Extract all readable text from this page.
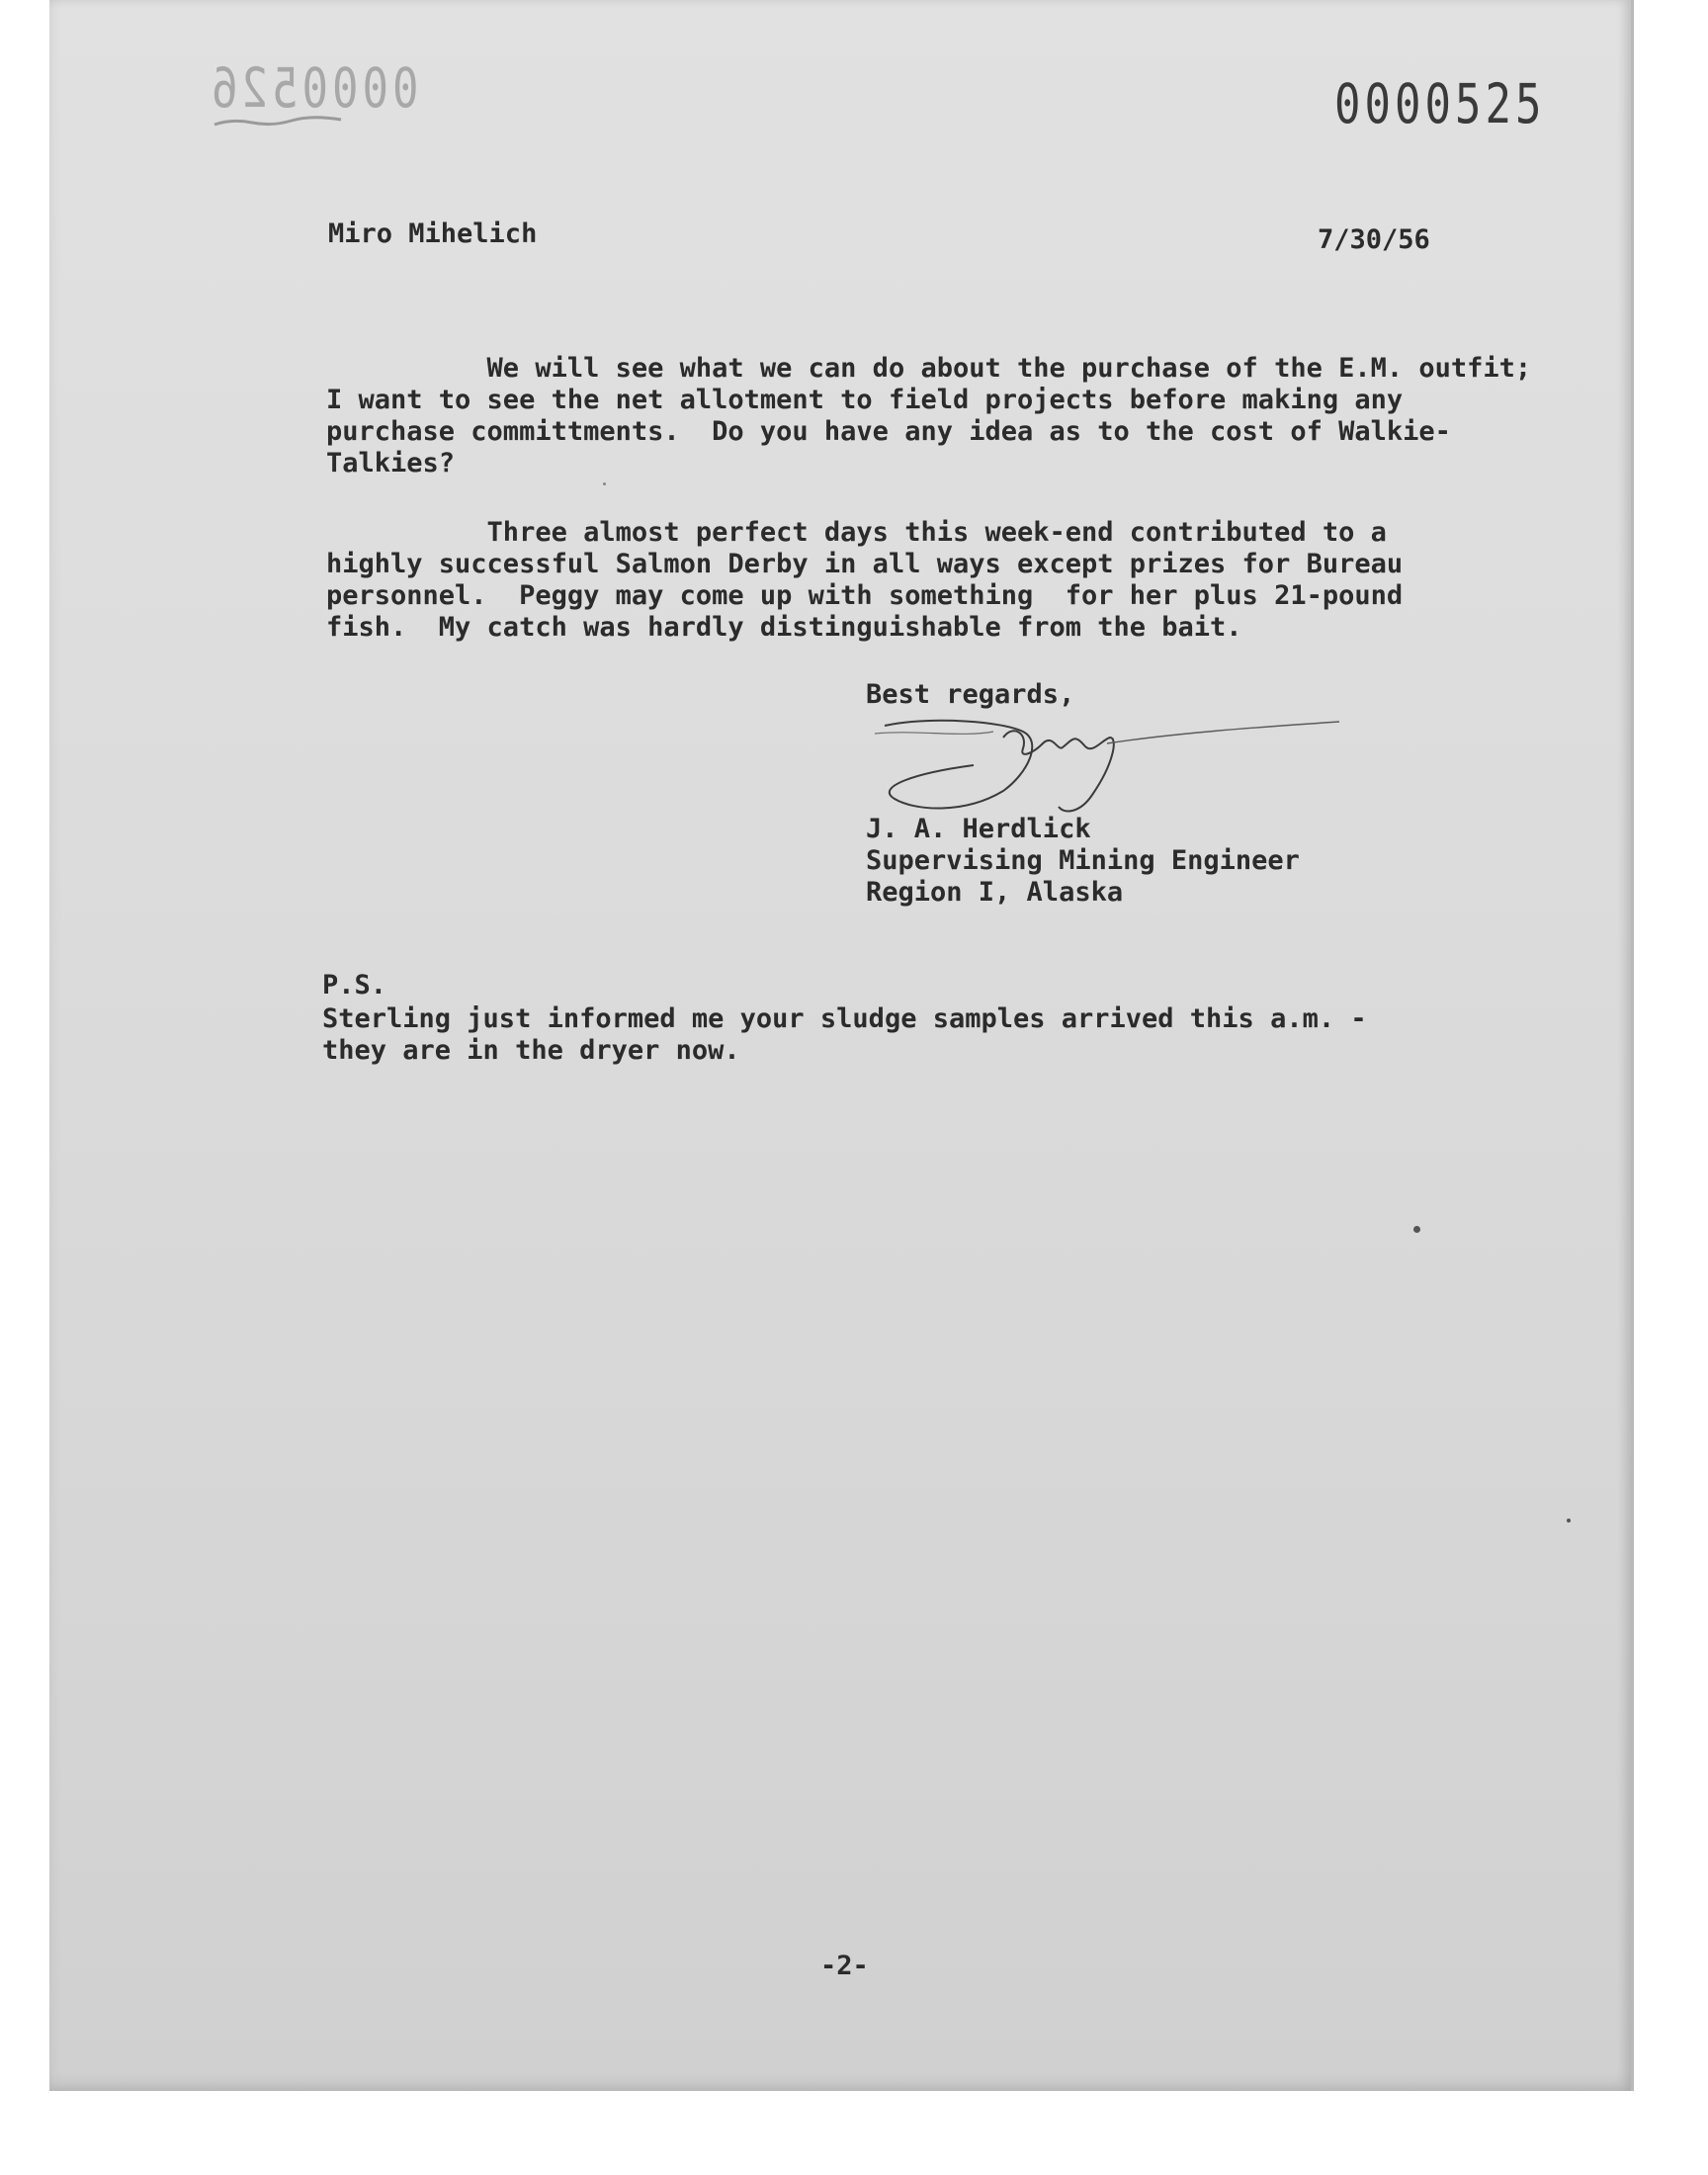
0000526	0000525
Miro Mihelich	7/30/56
We will see what we can do about the purchase of the E.M. outfit;
I want to see the net allotment to field projects before making any
purchase committments.  Do you have any idea as to the cost of Walkie-
Talkies?
Three almost perfect days this week-end contributed to a
highly successful Salmon Derby in all ways except prizes for Bureau
personnel.  Peggy may come up with something  for her plus 21-pound
fish.  My catch was hardly distinguishable from the bait.
Best regards,
J. A. Herdlick
Supervising Mining Engineer
Region I, Alaska
P.S.
Sterling just informed me your sludge samples arrived this a.m. -
they are in the dryer now.
-2-
